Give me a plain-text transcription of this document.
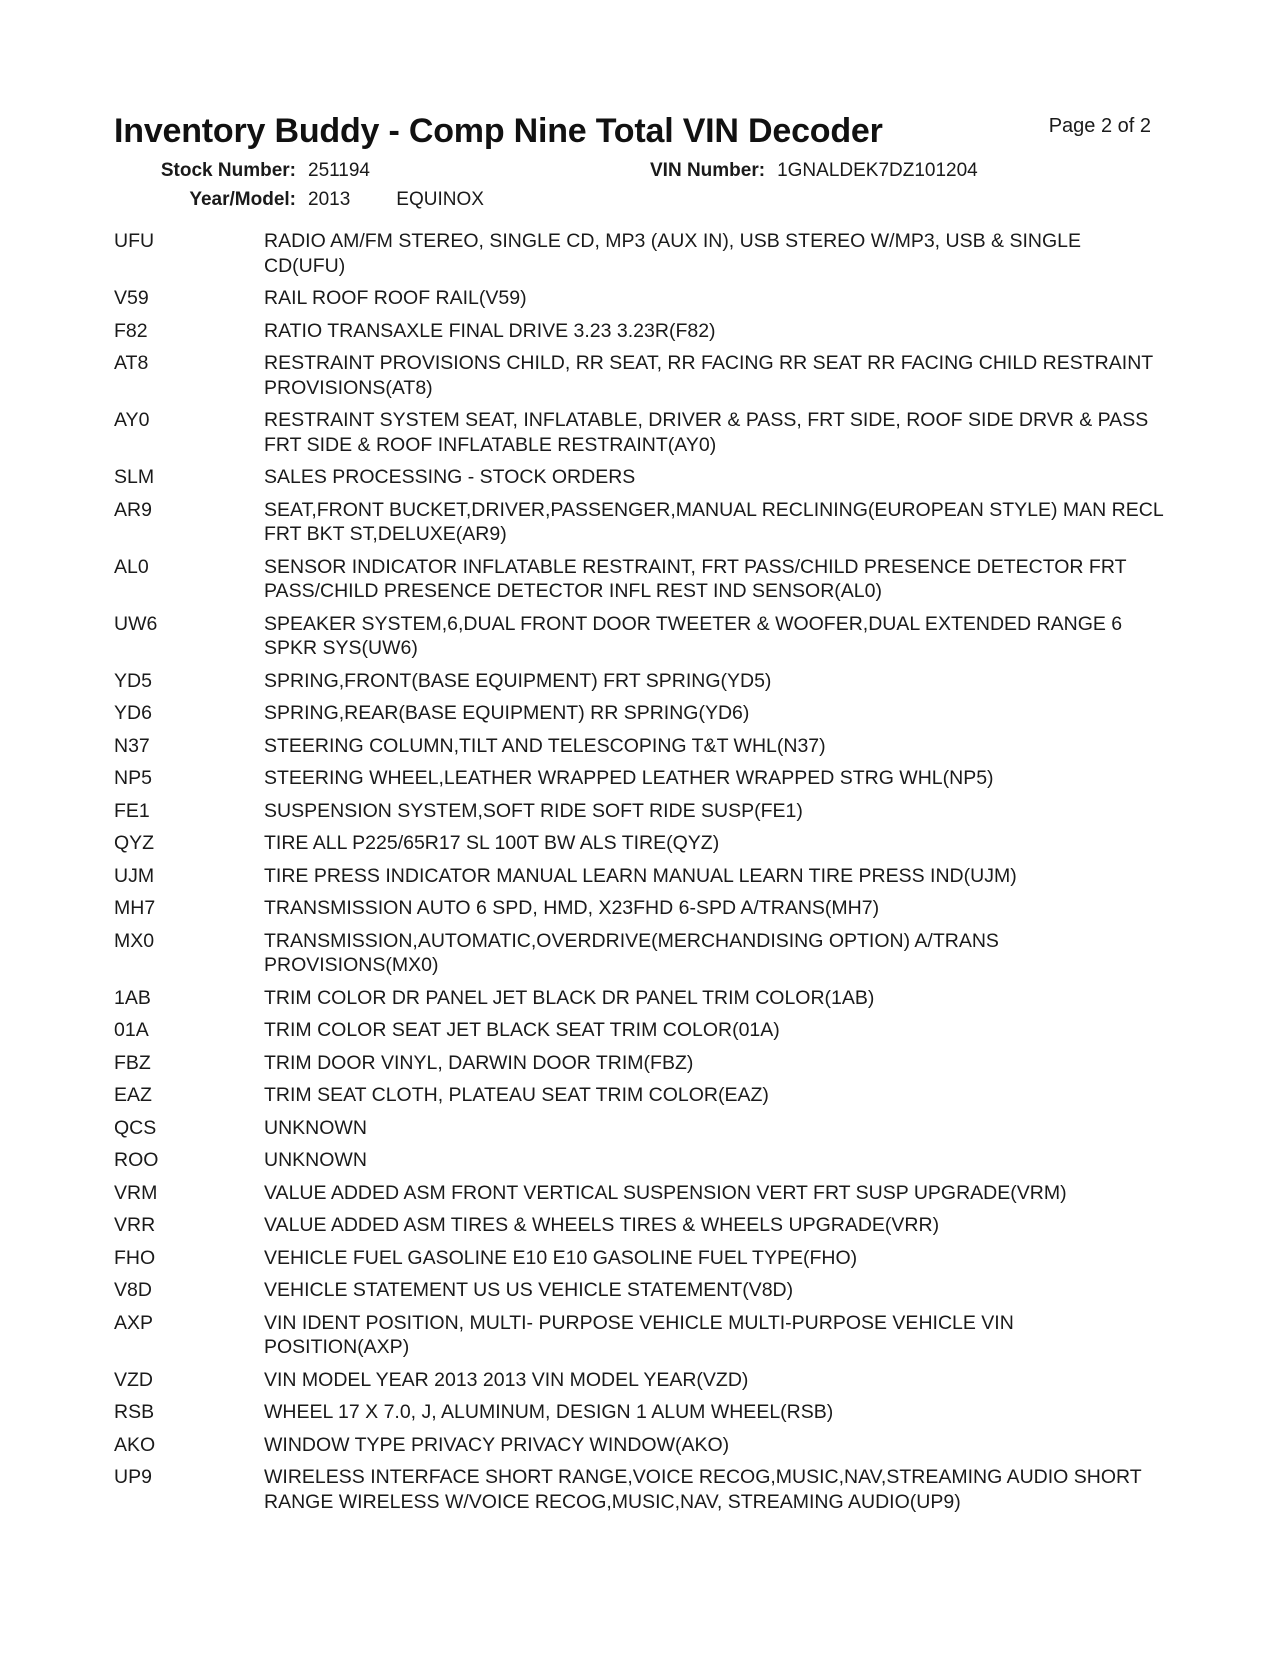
Inventory Buddy - Comp Nine Total VIN Decoder	Page 2 of 2
Stock Number: 251194
Year/Model: 2013 EQUINOX
VIN Number: 1GNALDEK7DZ101204
UFU	RADIO AM/FM STEREO, SINGLE CD, MP3 (AUX IN), USB STEREO W/MP3, USB & SINGLE CD(UFU)
V59	RAIL ROOF ROOF RAIL(V59)
F82	RATIO TRANSAXLE FINAL DRIVE 3.23 3.23R(F82)
AT8	RESTRAINT PROVISIONS CHILD, RR SEAT, RR FACING RR SEAT RR FACING CHILD RESTRAINT PROVISIONS(AT8)
AY0	RESTRAINT SYSTEM SEAT, INFLATABLE, DRIVER & PASS, FRT SIDE, ROOF SIDE DRVR & PASS FRT SIDE & ROOF INFLATABLE RESTRAINT(AY0)
SLM	SALES PROCESSING - STOCK ORDERS
AR9	SEAT,FRONT BUCKET,DRIVER,PASSENGER,MANUAL RECLINING(EUROPEAN STYLE) MAN RECL FRT BKT ST,DELUXE(AR9)
AL0	SENSOR INDICATOR INFLATABLE RESTRAINT, FRT PASS/CHILD PRESENCE DETECTOR FRT PASS/CHILD PRESENCE DETECTOR INFL REST IND SENSOR(AL0)
UW6	SPEAKER SYSTEM,6,DUAL FRONT DOOR TWEETER & WOOFER,DUAL EXTENDED RANGE 6 SPKR SYS(UW6)
YD5	SPRING,FRONT(BASE EQUIPMENT) FRT SPRING(YD5)
YD6	SPRING,REAR(BASE EQUIPMENT) RR SPRING(YD6)
N37	STEERING COLUMN,TILT AND TELESCOPING T&T WHL(N37)
NP5	STEERING WHEEL,LEATHER WRAPPED LEATHER WRAPPED STRG WHL(NP5)
FE1	SUSPENSION SYSTEM,SOFT RIDE SOFT RIDE SUSP(FE1)
QYZ	TIRE ALL P225/65R17 SL 100T BW ALS TIRE(QYZ)
UJM	TIRE PRESS INDICATOR MANUAL LEARN MANUAL LEARN TIRE PRESS IND(UJM)
MH7	TRANSMISSION AUTO 6 SPD, HMD, X23FHD 6-SPD A/TRANS(MH7)
MX0	TRANSMISSION,AUTOMATIC,OVERDRIVE(MERCHANDISING OPTION) A/TRANS PROVISIONS(MX0)
1AB	TRIM COLOR DR PANEL JET BLACK DR PANEL TRIM COLOR(1AB)
01A	TRIM COLOR SEAT JET BLACK SEAT TRIM COLOR(01A)
FBZ	TRIM DOOR VINYL, DARWIN DOOR TRIM(FBZ)
EAZ	TRIM SEAT CLOTH, PLATEAU SEAT TRIM COLOR(EAZ)
QCS	UNKNOWN
ROO	UNKNOWN
VRM	VALUE ADDED ASM FRONT VERTICAL SUSPENSION VERT FRT SUSP UPGRADE(VRM)
VRR	VALUE ADDED ASM TIRES & WHEELS TIRES & WHEELS UPGRADE(VRR)
FHO	VEHICLE FUEL GASOLINE E10 E10 GASOLINE FUEL TYPE(FHO)
V8D	VEHICLE STATEMENT US US VEHICLE STATEMENT(V8D)
AXP	VIN IDENT POSITION, MULTI- PURPOSE VEHICLE MULTI-PURPOSE VEHICLE VIN POSITION(AXP)
VZD	VIN MODEL YEAR 2013 2013 VIN MODEL YEAR(VZD)
RSB	WHEEL 17 X 7.0, J, ALUMINUM, DESIGN 1 ALUM WHEEL(RSB)
AKO	WINDOW TYPE PRIVACY PRIVACY WINDOW(AKO)
UP9	WIRELESS INTERFACE SHORT RANGE,VOICE RECOG,MUSIC,NAV,STREAMING AUDIO SHORT RANGE WIRELESS W/VOICE RECOG,MUSIC,NAV, STREAMING AUDIO(UP9)
